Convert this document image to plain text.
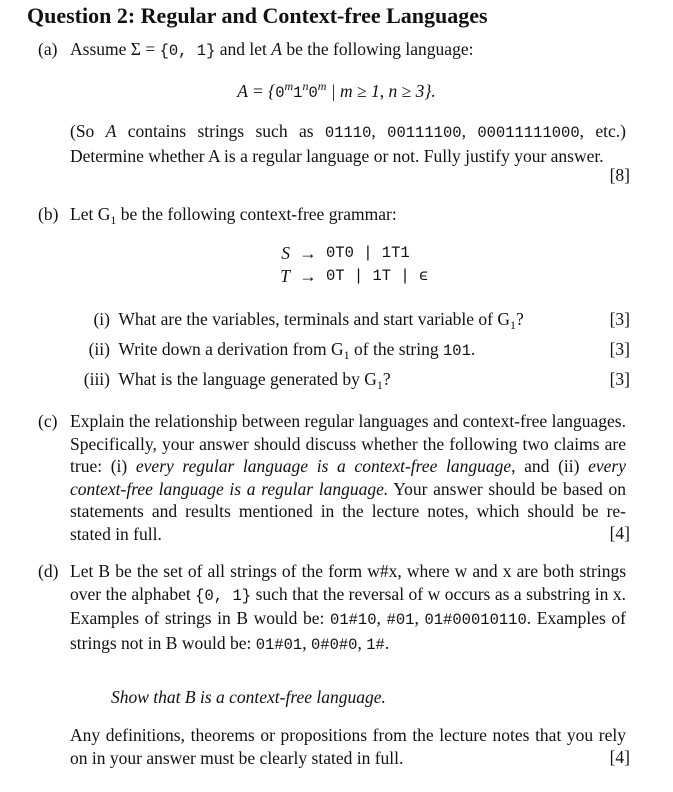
Question 2: Regular and Context-free Languages
(a) Assume Σ = {0, 1} and let A be the following language:
$A = \{0^m1^n0^m$ | m ≥ 1, n ≥ 3}.
(So A contains strings such as 01110, 00111100, 00011111000, etc.) Determine whether A is a regular language or not. Fully justify your answer.
[8]
(b) Let $G_1$ be the following context-free grammar:
S → 0T0 | 1T1
T → 0T | 1T | ϵ
(i) What are the variables, terminals and start variable of $G_1$?	[3]
(ii) Write down a derivation from $G_1$ of the string 101.	[3]
(iii) What is the language generated by $G_1$?	[3]
(c) Explain the relationship between regular languages and context-free languages. Specifically, your answer should discuss whether the following two claims are true: (i) every regular language is a context-free language, and (ii) every context-free language is a regular language. Your answer should be based on statements and results mentioned in the lecture notes, which should be re-stated in full.	[4]
(d) Let B be the set of all strings of the form w#x, where w and x are both strings over the alphabet {0, 1} such that the reversal of w occurs as a substring in x. Examples of strings in B would be: 01#10, #01, 01#00010110. Examples of strings not in B would be: 01#01, 0#0#0, 1#.
Show that B is a context-free language.
Any definitions, theorems or propositions from the lecture notes that you rely on in your answer must be clearly stated in full.	[4]
